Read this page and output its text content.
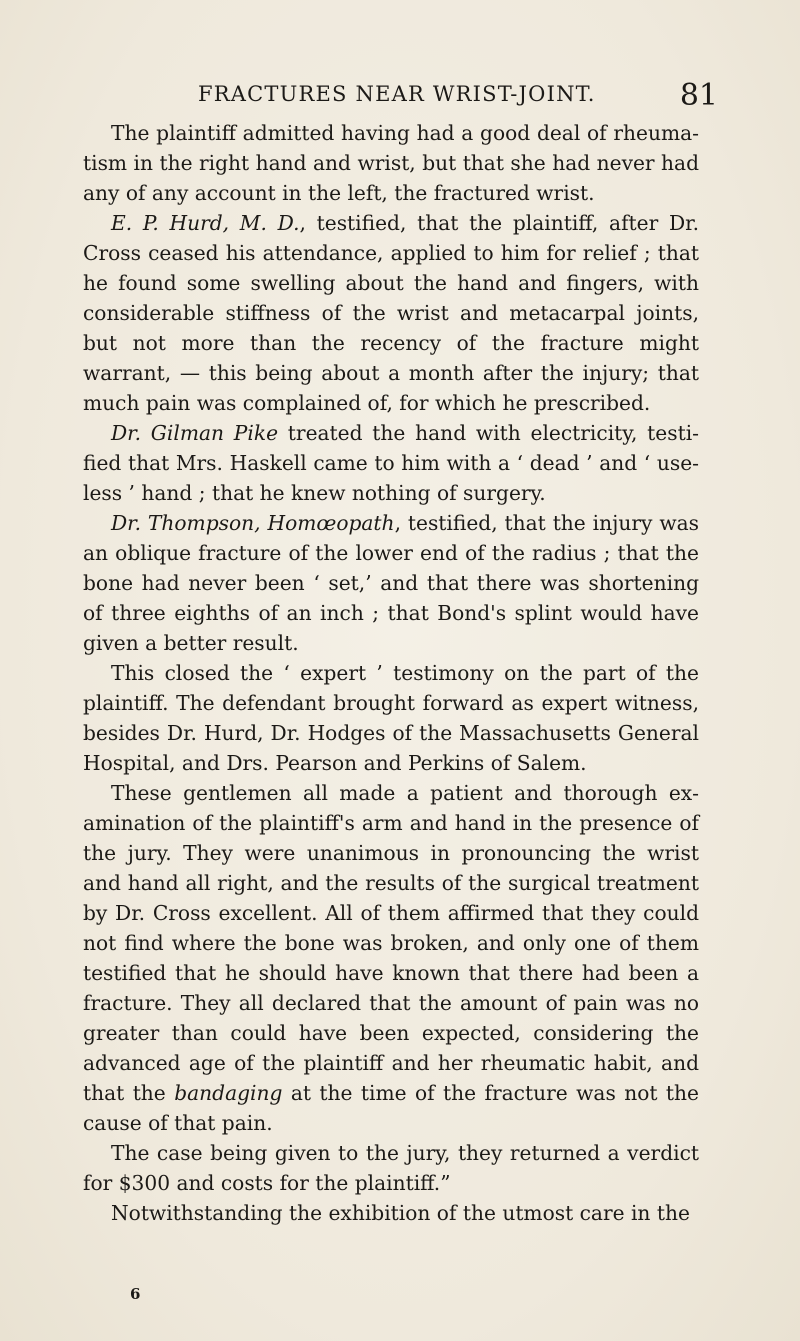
FRACTURES NEAR WRIST-JOINT.	81

The plaintiff admitted having had a good deal of rheumatism in the right hand and wrist, but that she had never had any of any account in the left, the fractured wrist.

E. P. Hurd, M. D., testified, that the plaintiff, after Dr. Cross ceased his attendance, applied to him for relief ; that he found some swelling about the hand and fingers, with considerable stiffness of the wrist and metacarpal joints, but not more than the recency of the fracture might warrant, — this being about a month after the injury; that much pain was complained of, for which he prescribed.

Dr. Gilman Pike treated the hand with electricity, testified that Mrs. Haskell came to him with a ‘ dead ’ and ‘ useless ’ hand ; that he knew nothing of surgery.

Dr. Thompson, Homœopath, testified, that the injury was an oblique fracture of the lower end of the radius ; that the bone had never been ‘ set,’ and that there was shortening of three eighths of an inch ; that Bond's splint would have given a better result.

This closed the ‘ expert ’ testimony on the part of the plaintiff. The defendant brought forward as expert witness, besides Dr. Hurd, Dr. Hodges of the Massachusetts General Hospital, and Drs. Pearson and Perkins of Salem.

These gentlemen all made a patient and thorough examination of the plaintiff's arm and hand in the presence of the jury. They were unanimous in pronouncing the wrist and hand all right, and the results of the surgical treatment by Dr. Cross excellent. All of them affirmed that they could not find where the bone was broken, and only one of them testified that he should have known that there had been a fracture. They all declared that the amount of pain was no greater than could have been expected, considering the advanced age of the plaintiff and her rheumatic habit, and that the bandaging at the time of the fracture was not the cause of that pain.

The case being given to the jury, they returned a verdict for $300 and costs for the plaintiff.”

Notwithstanding the exhibition of the utmost care in the

6
